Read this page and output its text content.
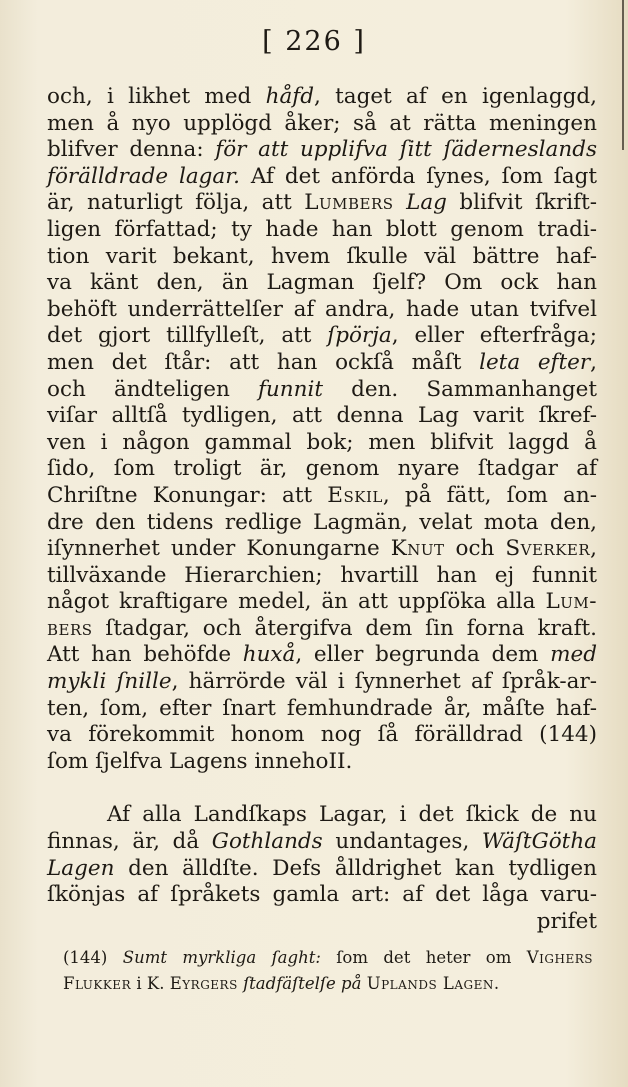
[ 226 ]
och, i likhet med håfd, taget af en igenlaggd,
men å nyo upplögd åker; så at rätta meningen
blifver denna: för att upplifva ſitt ſäderneslands
förälldrade lagar. Af det anförda ſynes, ſom ſagt
är, naturligt följa, att Lumbers Lag blifvit ſkrift-
ligen författad; ty hade han blott genom tradi-
tion varit bekant, hvem ſkulle väl bättre haf-
va känt den, än Lagman ſjelf? Om ock han
behöft underrättelſer af andra, hade utan tvifvel
det gjort tillfylleſt, att ſpörja, eller efterfråga;
men det ſtår: att han ockſå måſt leta efter,
och ändteligen funnit den. Sammanhanget
viſar alltſå tydligen, att denna Lag varit ſkref-
ven i någon gammal bok; men blifvit laggd å
ſido, ſom troligt är, genom nyare ſtadgar af
Chriſtne Konungar: att Eskil, på fätt, ſom an-
dre den tidens redlige Lagmän, velat mota den,
iſynnerhet under Konungarne Knut och Sverker,
tillväxande Hierarchien; hvartill han ej funnit
något kraftigare medel, än att uppſöka alla Lum-
bers ſtadgar, och återgifva dem ſin forna kraft.
Att han behöfde huxå, eller begrunda dem med
mykli ſnille, härrörde väl i ſynnerhet af ſpråk-ar-
ten, ſom, efter ſnart femhundrade år, måſte haf-
va förekommit honom nog ſå förälldrad (144)
ſom ſjelfva Lagens innehoII.
Af alla Landſkaps Lagar, i det ſkick de nu
finnas, är, då Gothlands undantages, WäſtGötha
Lagen den älldſte. Defs ålldrighet kan tydligen
ſkönjas af ſpråkets gamla art: af det låga varu-
prifet
(144) Sumt myrkliga ſaght: ſom det heter om Vighers
Flukker i K. Eyrgers ſtadfäſtelſe på Uplands Lagen.
